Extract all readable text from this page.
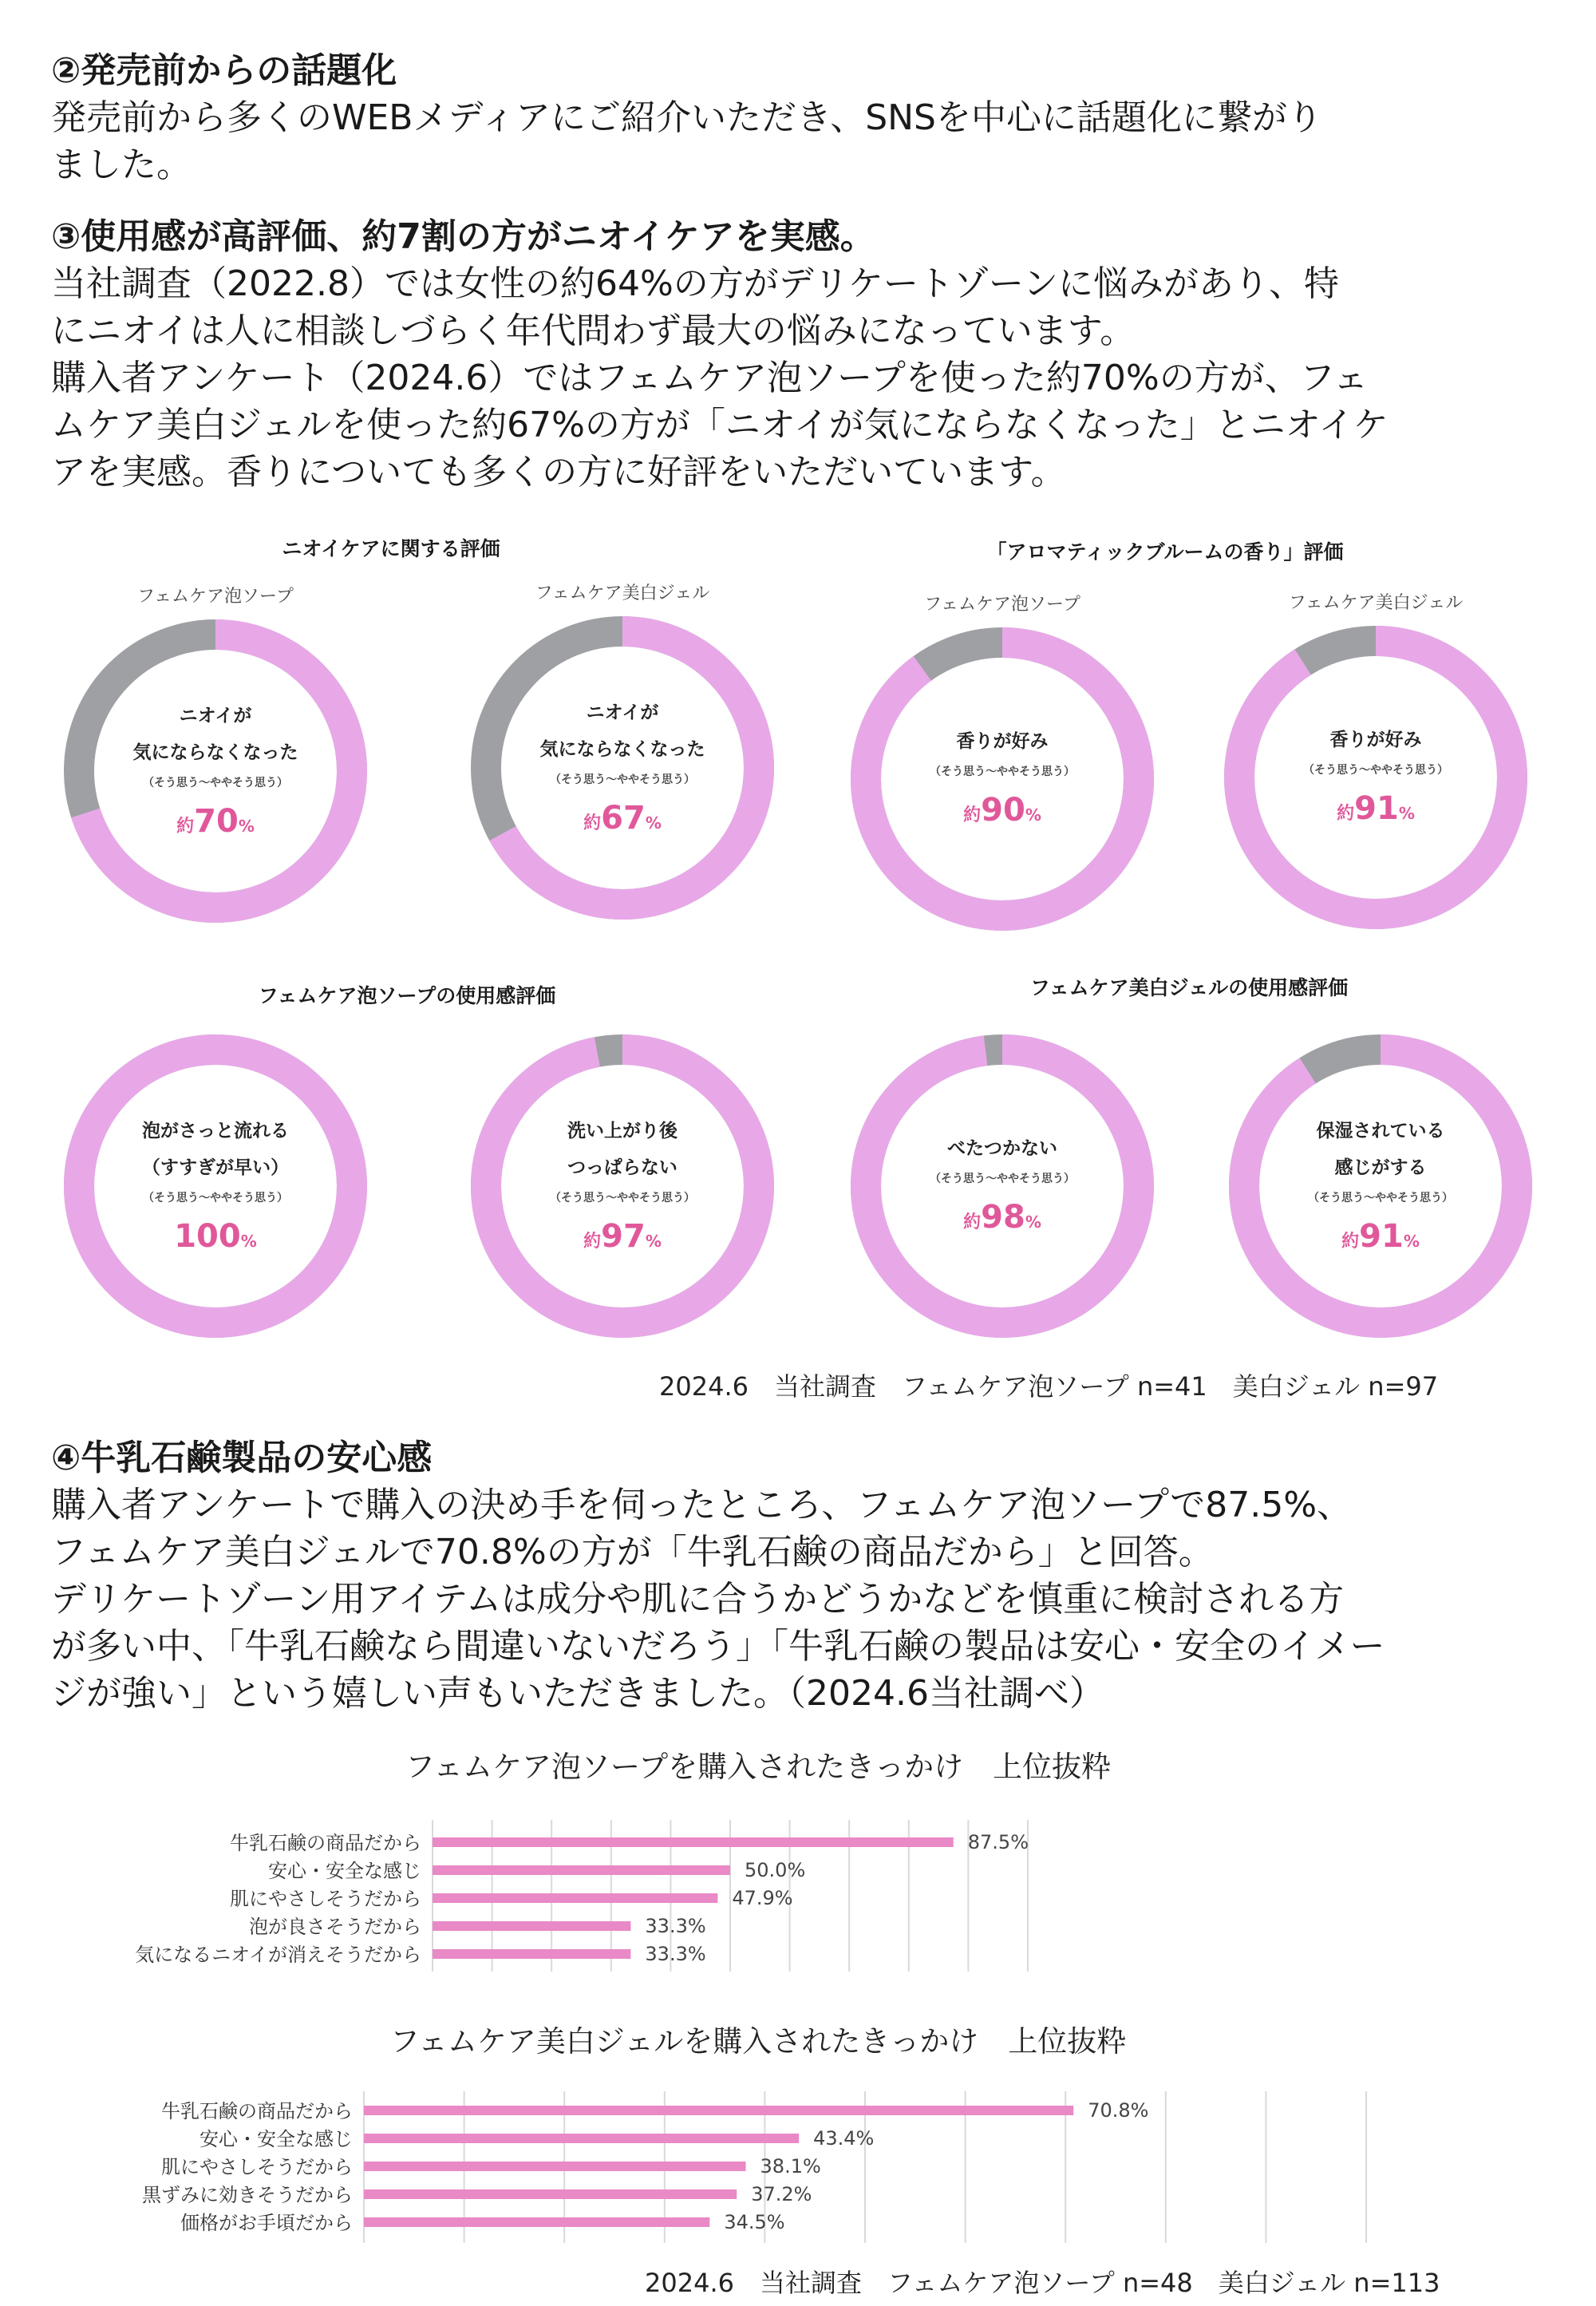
②発売前からの話題化

発売前から多くのWEBメディアにご紹介いただき、SNSを中心に話題化に繋がり

ました。

③使用感が高評価、約7割の方がニオイケアを実感。

当社調査（2022.8）では女性の約64%の方がデリケートゾーンに悩みがあり、特

にニオイは人に相談しづらく年代問わず最大の悩みになっています。

購入者アンケート（2024.6）ではフェムケア泡ソープを使った約70%の方が、フェ

ムケア美白ジェルを使った約67%の方が「ニオイが気にならなくなった」とニオイケ

アを実感。香りについても多くの方に好評をいただいています。

ニオイケアに関する評価	「アロマティックブルームの香り」評価
フェムケア泡ソープの使用感評価	フェムケア美白ジェルの使用感評価
フェムケア泡ソープ
ニオイが
気にならなくなった
（そう思う～ややそう思う）
約70%
フェムケア美白ジェル
ニオイが
気にならなくなった
（そう思う～ややそう思う）
約67%
フェムケア泡ソープ
香りが好み
（そう思う～ややそう思う）
約90%
フェムケア美白ジェル
香りが好み
（そう思う～ややそう思う）
約91%
泡がさっと流れる
（すすぎが早い）
（そう思う～ややそう思う）
100%
洗い上がり後
つっぱらない
（そう思う～ややそう思う）
約97%
べたつかない
（そう思う～ややそう思う）
約98%
保湿されている
感じがする
（そう思う～ややそう思う）
約91%
2024.6　当社調査　フェムケア泡ソープ n=41　美白ジェル n=97
④牛乳石鹸製品の安心感

購入者アンケートで購入の決め手を伺ったところ、フェムケア泡ソープで87.5%、

フェムケア美白ジェルで70.8%の方が「牛乳石鹸の商品だから」と回答。

デリケートゾーン用アイテムは成分や肌に合うかどうかなどを慎重に検討される方

が多い中、「牛乳石鹸なら間違いないだろう」「牛乳石鹸の製品は安心・安全のイメー

ジが強い」という嬉しい声もいただきました。（2024.6当社調べ）

フェムケア泡ソープを購入されたきっかけ　上位抜粋
フェムケア美白ジェルを購入されたきっかけ　上位抜粋
牛乳石鹸の商品だから	87.5%
安心・安全な感じ	50.0%
肌にやさしそうだから	47.9%
泡が良さそうだから	33.3%
気になるニオイが消えそうだから	33.3%
牛乳石鹸の商品だから	70.8%
安心・安全な感じ	43.4%
肌にやさしそうだから	38.1%
黒ずみに効きそうだから	37.2%
価格がお手頃だから	34.5%
2024.6　当社調査　フェムケア泡ソープ n=48　美白ジェル n=113
